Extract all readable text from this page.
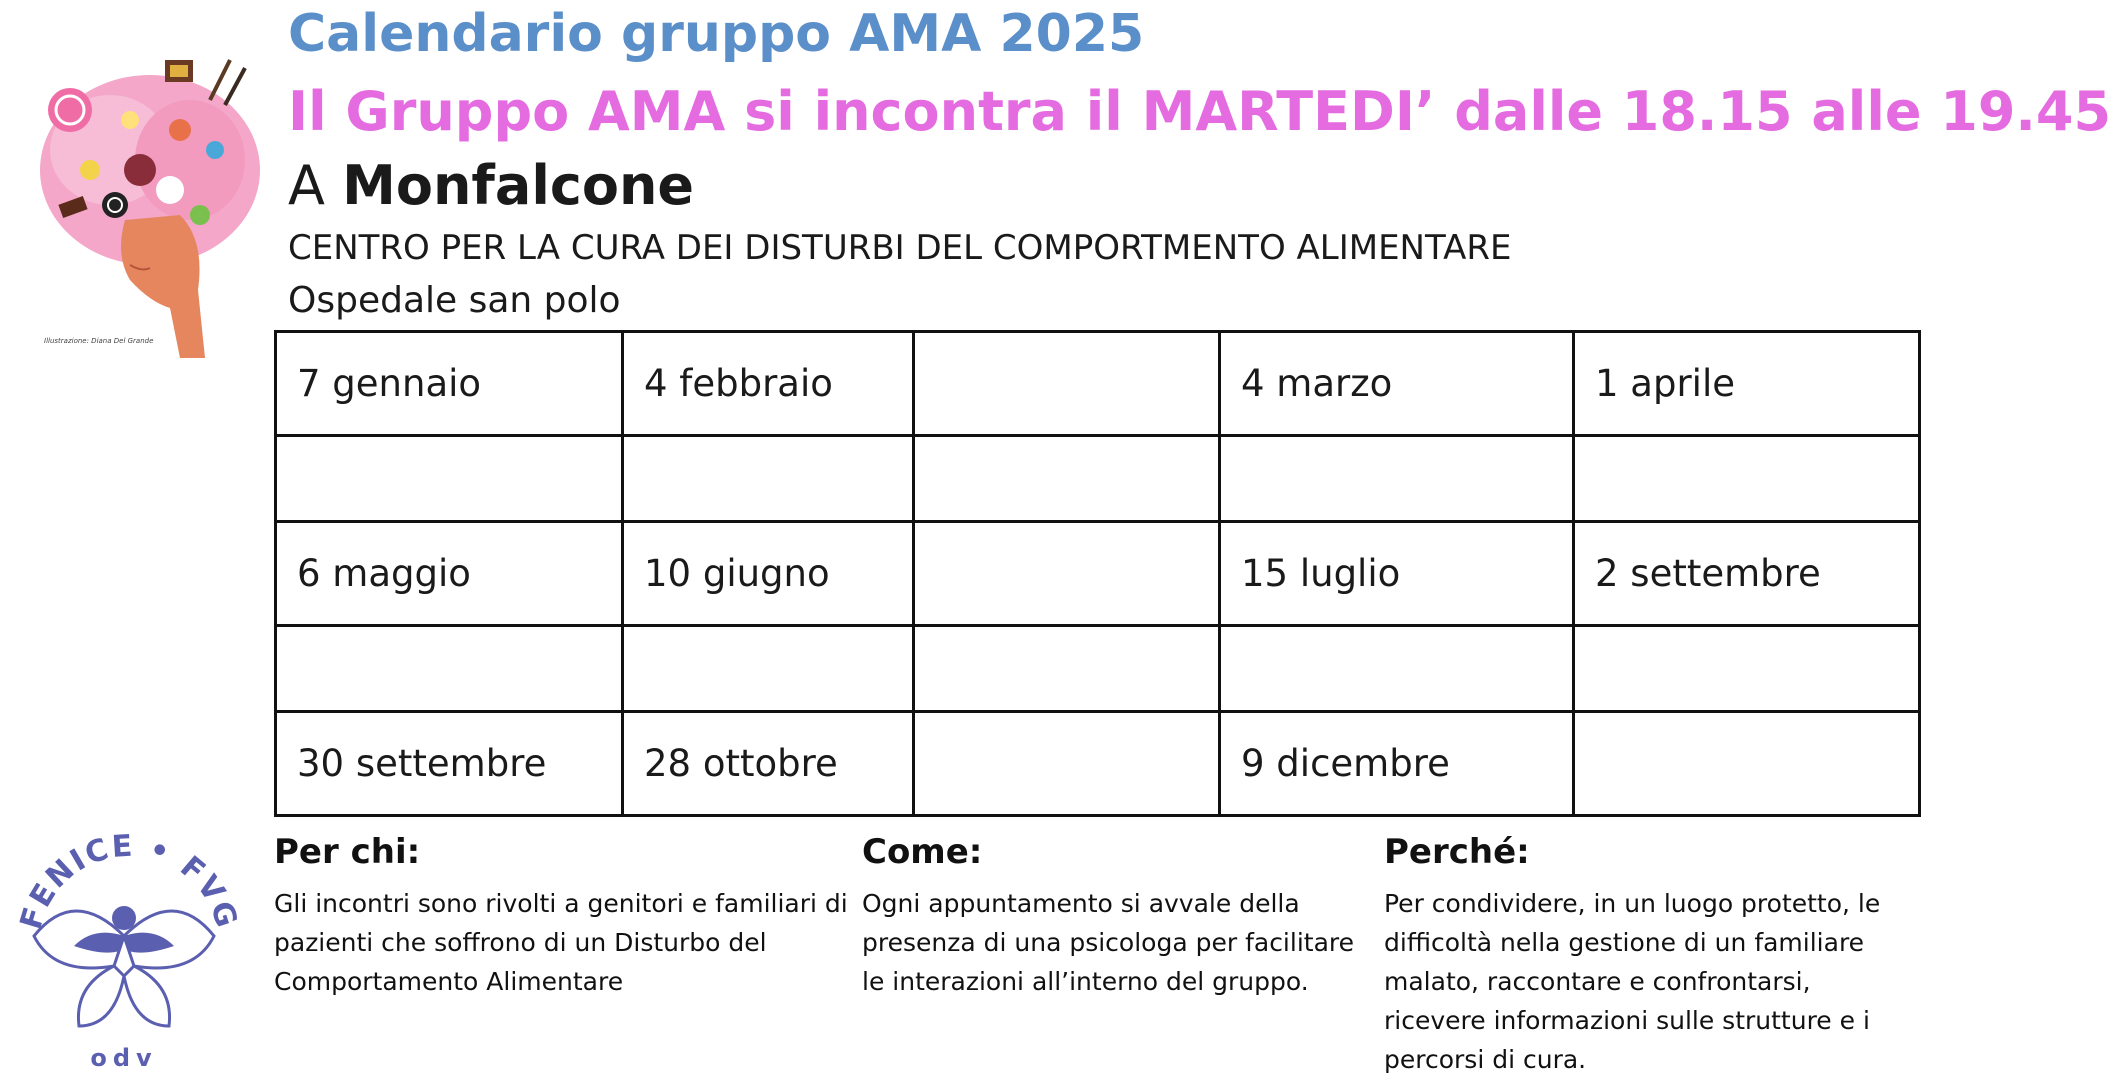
Illustrazione: Diana Del Grande
Calendario gruppo AMA 2025
Il Gruppo AMA si incontra il MARTEDI’ dalle 18.15 alle 19.45
A Monfalcone
CENTRO PER LA CURA DEI DISTURBI DEL COMPORTMENTO ALIMENTARE
Ospedale san polo
7 gennaio	4 febbraio		4 marzo	1 aprile

6 maggio	10 giugno		15 luglio	2 settembre

30 settembre	28 ottobre		9 dicembre	
FENICE • FVG
odv
Per chi:

Gli incontri sono rivolti a genitori e familiari di pazienti che soffrono di un Disturbo del Comportamento Alimentare

Come:

Ogni appuntamento si avvale della presenza di una psicologa per facilitare le interazioni all’interno del gruppo.

Perché:

Per condividere, in un luogo protetto, le difficoltà nella gestione di un familiare malato, raccontare e confrontarsi, ricevere informazioni sulle strutture e i percorsi di cura.
